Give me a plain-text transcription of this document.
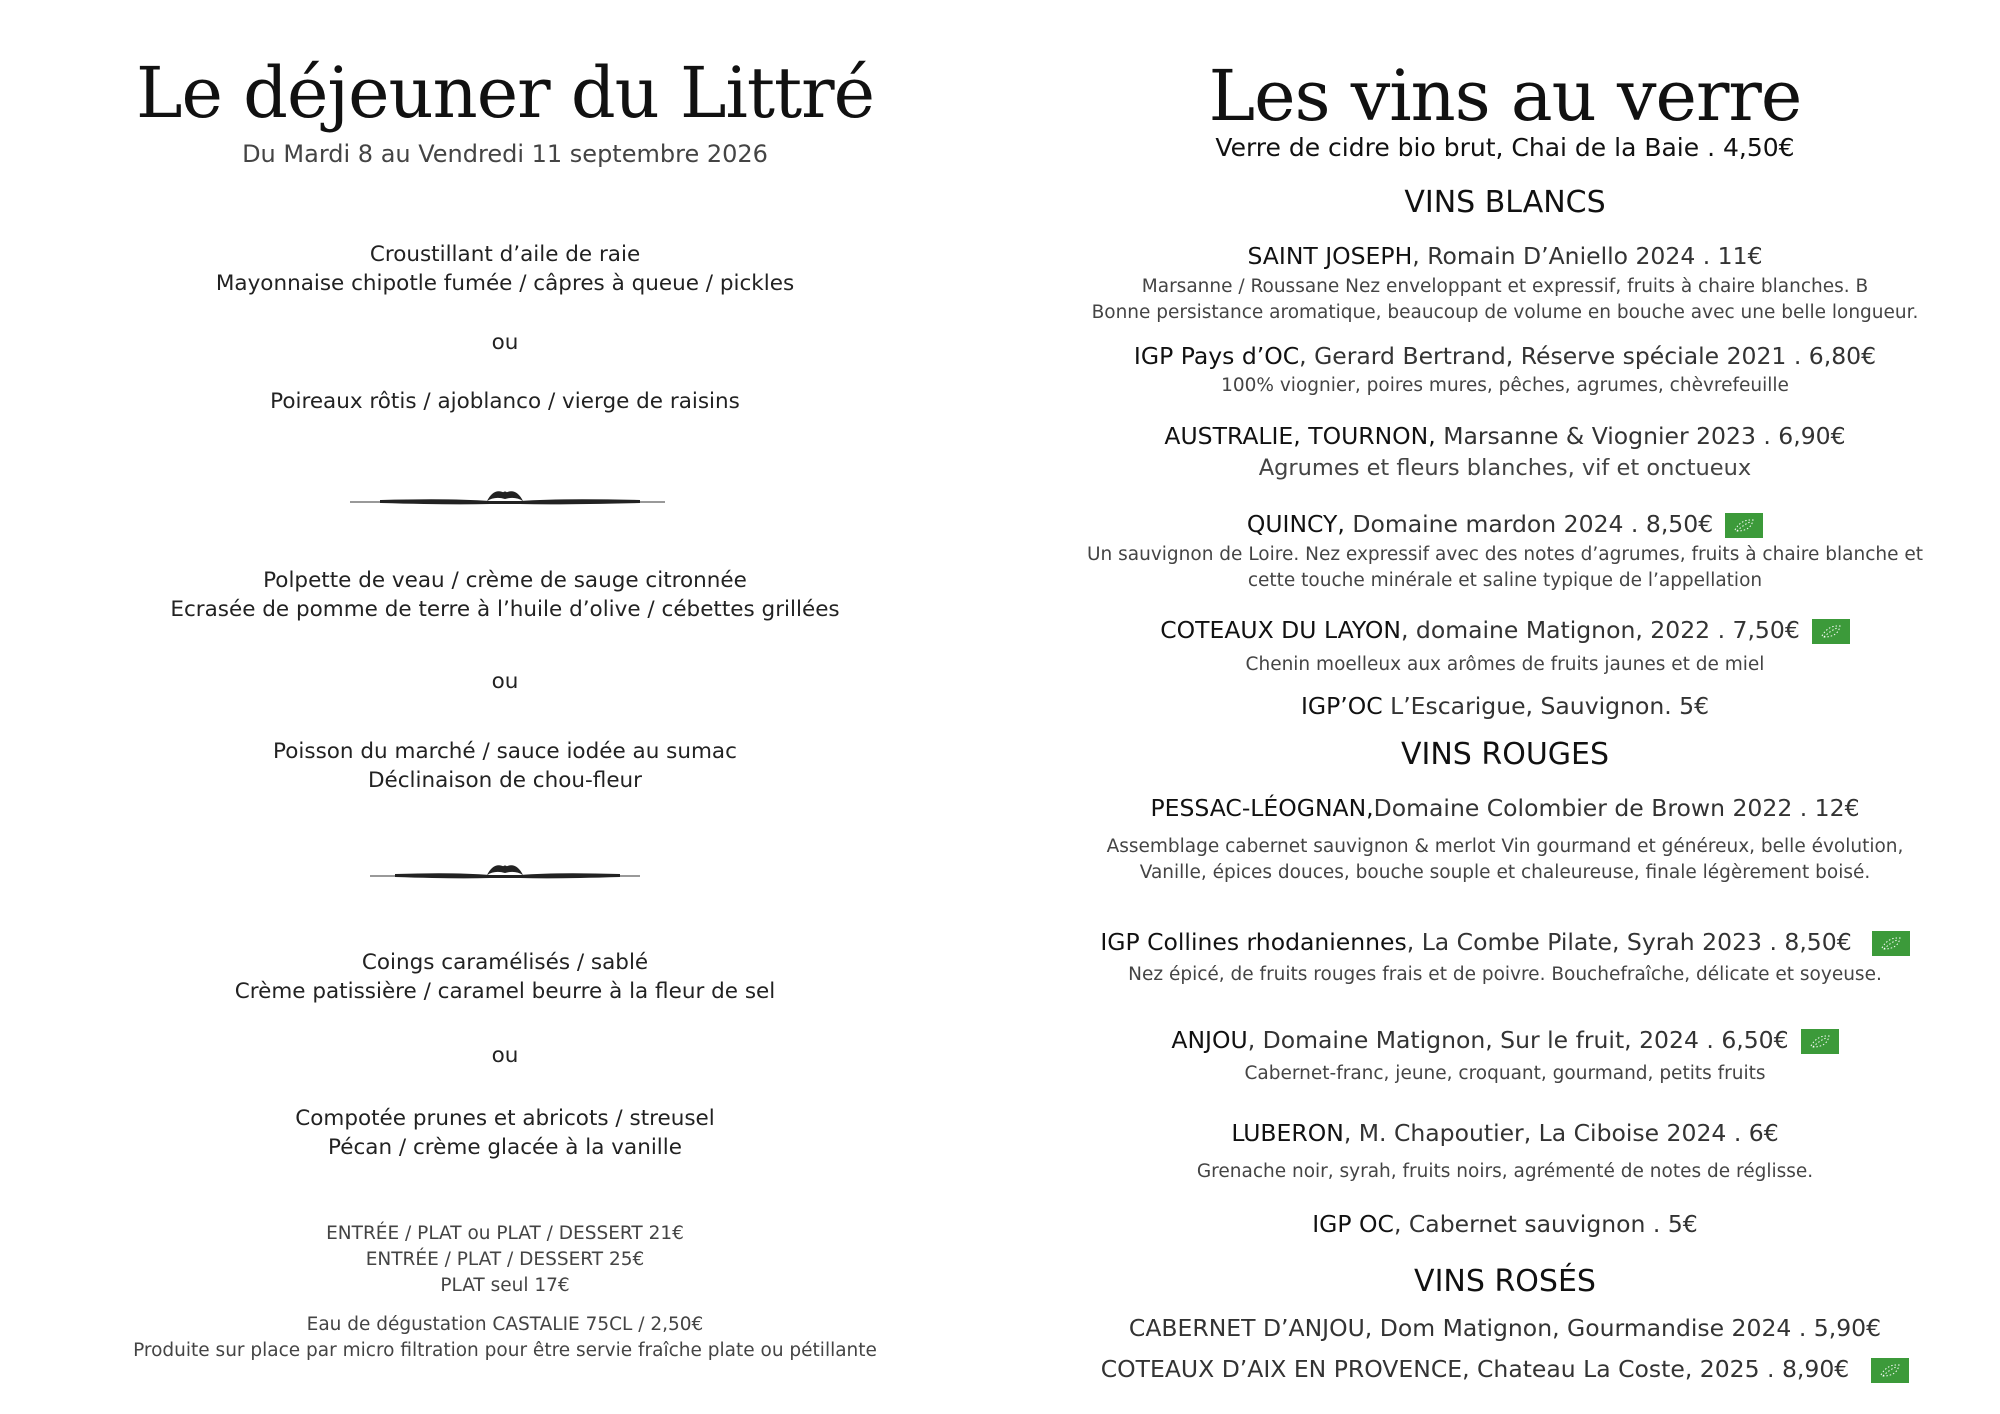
Le déjeuner du Littré
Du Mardi 8 au Vendredi 11 septembre 2026
Croustillant d’aile de raie
Mayonnaise chipotle fumée / câpres à queue / pickles
ou
Poireaux rôtis / ajoblanco / vierge de raisins
Polpette de veau / crème de sauge citronnée
Ecrasée de pomme de terre à l’huile d’olive / cébettes grillées
ou
Poisson du marché / sauce iodée au sumac
Déclinaison de chou-fleur
Coings caramélisés / sablé
Crème patissière / caramel beurre à la fleur de sel
ou
Compotée prunes et abricots / streusel
Pécan / crème glacée à la vanille
ENTRÉE / PLAT ou PLAT / DESSERT 21€
ENTRÉE / PLAT / DESSERT 25€
PLAT seul 17€
Eau de dégustation CASTALIE 75CL / 2,50€
Produite sur place par micro filtration pour être servie fraîche plate ou pétillante
Les vins au verre
Verre de cidre bio brut, Chai de la Baie . 4,50€
VINS BLANCS
SAINT JOSEPH, Romain D’Aniello 2024 . 11€
Marsanne / Roussane Nez enveloppant et expressif, fruits à chaire blanches. B
Bonne persistance aromatique, beaucoup de volume en bouche avec une belle longueur.
IGP Pays d’OC, Gerard Bertrand, Réserve spéciale 2021 . 6,80€
100% viognier, poires mures, pêches, agrumes, chèvrefeuille
AUSTRALIE, TOURNON, Marsanne & Viognier 2023 . 6,90€
Agrumes et fleurs blanches, vif et onctueux
QUINCY, Domaine mardon 2024 . 8,50€
Un sauvignon de Loire. Nez expressif avec des notes d’agrumes, fruits à chaire blanche et
cette touche minérale et saline typique de l’appellation
COTEAUX DU LAYON, domaine Matignon, 2022 . 7,50€
Chenin moelleux aux arômes de fruits jaunes et de miel
IGP’OC L’Escarigue, Sauvignon. 5€
VINS ROUGES
PESSAC-LÉOGNAN,Domaine Colombier de Brown 2022 . 12€
Assemblage cabernet sauvignon & merlot Vin gourmand et généreux, belle évolution,
Vanille, épices douces, bouche souple et chaleureuse, finale légèrement boisé.
IGP Collines rhodaniennes, La Combe Pilate, Syrah 2023 . 8,50€
Nez épicé, de fruits rouges frais et de poivre. Bouchefraîche, délicate et soyeuse.
ANJOU, Domaine Matignon, Sur le fruit, 2024 . 6,50€
Cabernet-franc, jeune, croquant, gourmand, petits fruits
LUBERON, M. Chapoutier, La Ciboise 2024 . 6€
Grenache noir, syrah, fruits noirs, agrémenté de notes de réglisse.
IGP OC, Cabernet sauvignon . 5€
VINS ROSÉS
CABERNET D’ANJOU, Dom Matignon, Gourmandise 2024 . 5,90€
COTEAUX D’AIX EN PROVENCE, Chateau La Coste, 2025 . 8,90€
